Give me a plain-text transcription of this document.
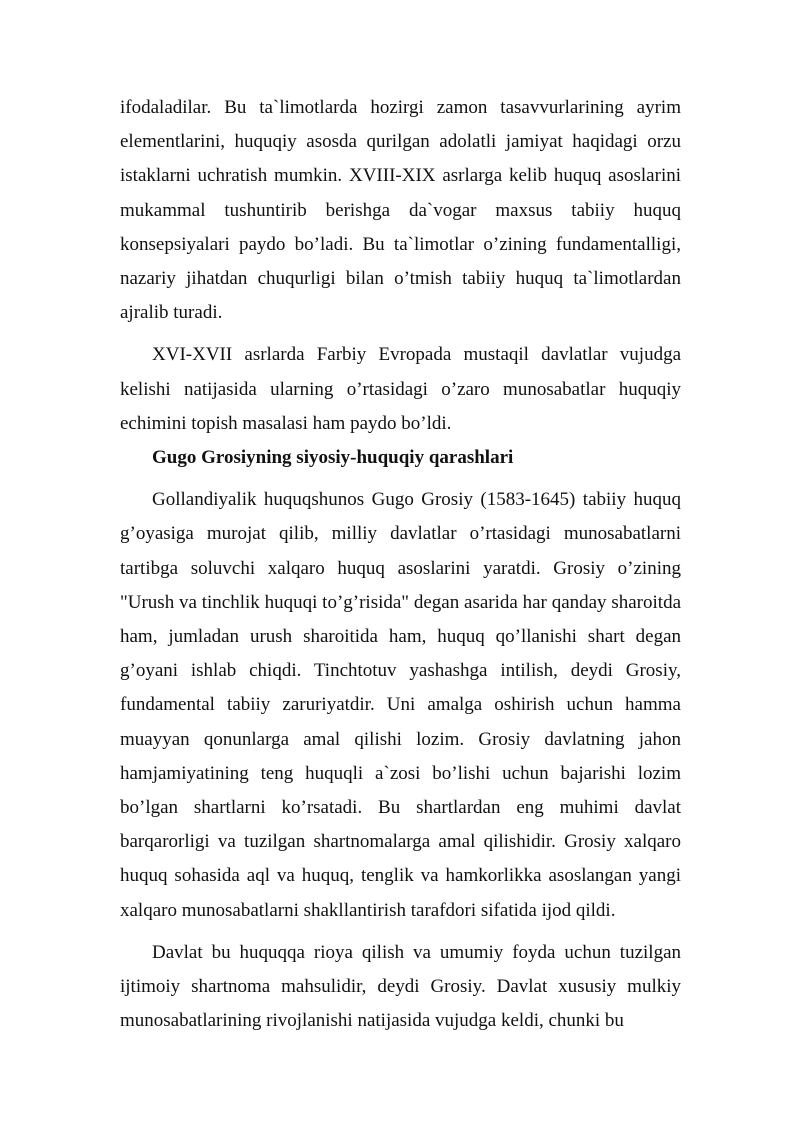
ifodaladilar. Bu ta`limotlarda hozirgi zamon tasavvurlarining ayrim elementlarini, huquqiy asosda qurilgan adolatli jamiyat haqidagi orzu istaklarni uchratish mumkin. XVIII-XIX asrlarga kelib huquq asoslarini mukammal tushuntirib berishga da`vogar maxsus tabiiy huquq konsepsiyalari paydo bo’ladi. Bu ta`limotlar o’zining fundamentalligi, nazariy jihatdan chuqurligi bilan o’tmish tabiiy huquq ta`limotlardan ajralib turadi.

XVI-XVII asrlarda Farbiy Evropada mustaqil davlatlar vujudga kelishi natijasida ularning o’rtasidagi o’zaro munosabatlar huquqiy echimini topish masalasi ham paydo bo’ldi.

Gugo Grosiyning siyosiy-huquqiy qarashlari

Gollandiyalik huquqshunos Gugo Grosiy (1583-1645) tabiiy huquq g’oyasiga murojat qilib, milliy davlatlar o’rtasidagi munosabatlarni tartibga soluvchi xalqaro huquq asoslarini yaratdi. Grosiy o’zining "Urush va tinchlik huquqi to’g’risida" degan asarida har qanday sharoitda ham, jumladan urush sharoitida ham, huquq qo’llanishi shart degan g’oyani ishlab chiqdi. Tinchtotuv yashashga intilish, deydi Grosiy, fundamental tabiiy zaruriyatdir. Uni amalga oshirish uchun hamma muayyan qonunlarga amal qilishi lozim. Grosiy davlatning jahon hamjamiyatining teng huquqli a`zosi bo’lishi uchun bajarishi lozim bo’lgan shartlarni ko’rsatadi. Bu shartlardan eng muhimi davlat barqarorligi va tuzilgan shartnomalarga amal qilishidir. Grosiy xalqaro huquq sohasida aql va huquq, tenglik va hamkorlikka asoslangan yangi xalqaro munosabatlarni shakllantirish tarafdori sifatida ijod qildi.

Davlat bu huquqqa rioya qilish va umumiy foyda uchun tuzilgan ijtimoiy shartnoma mahsulidir, deydi Grosiy. Davlat xususiy mulkiy munosabatlarining rivojlanishi natijasida vujudga keldi, chunki bu
